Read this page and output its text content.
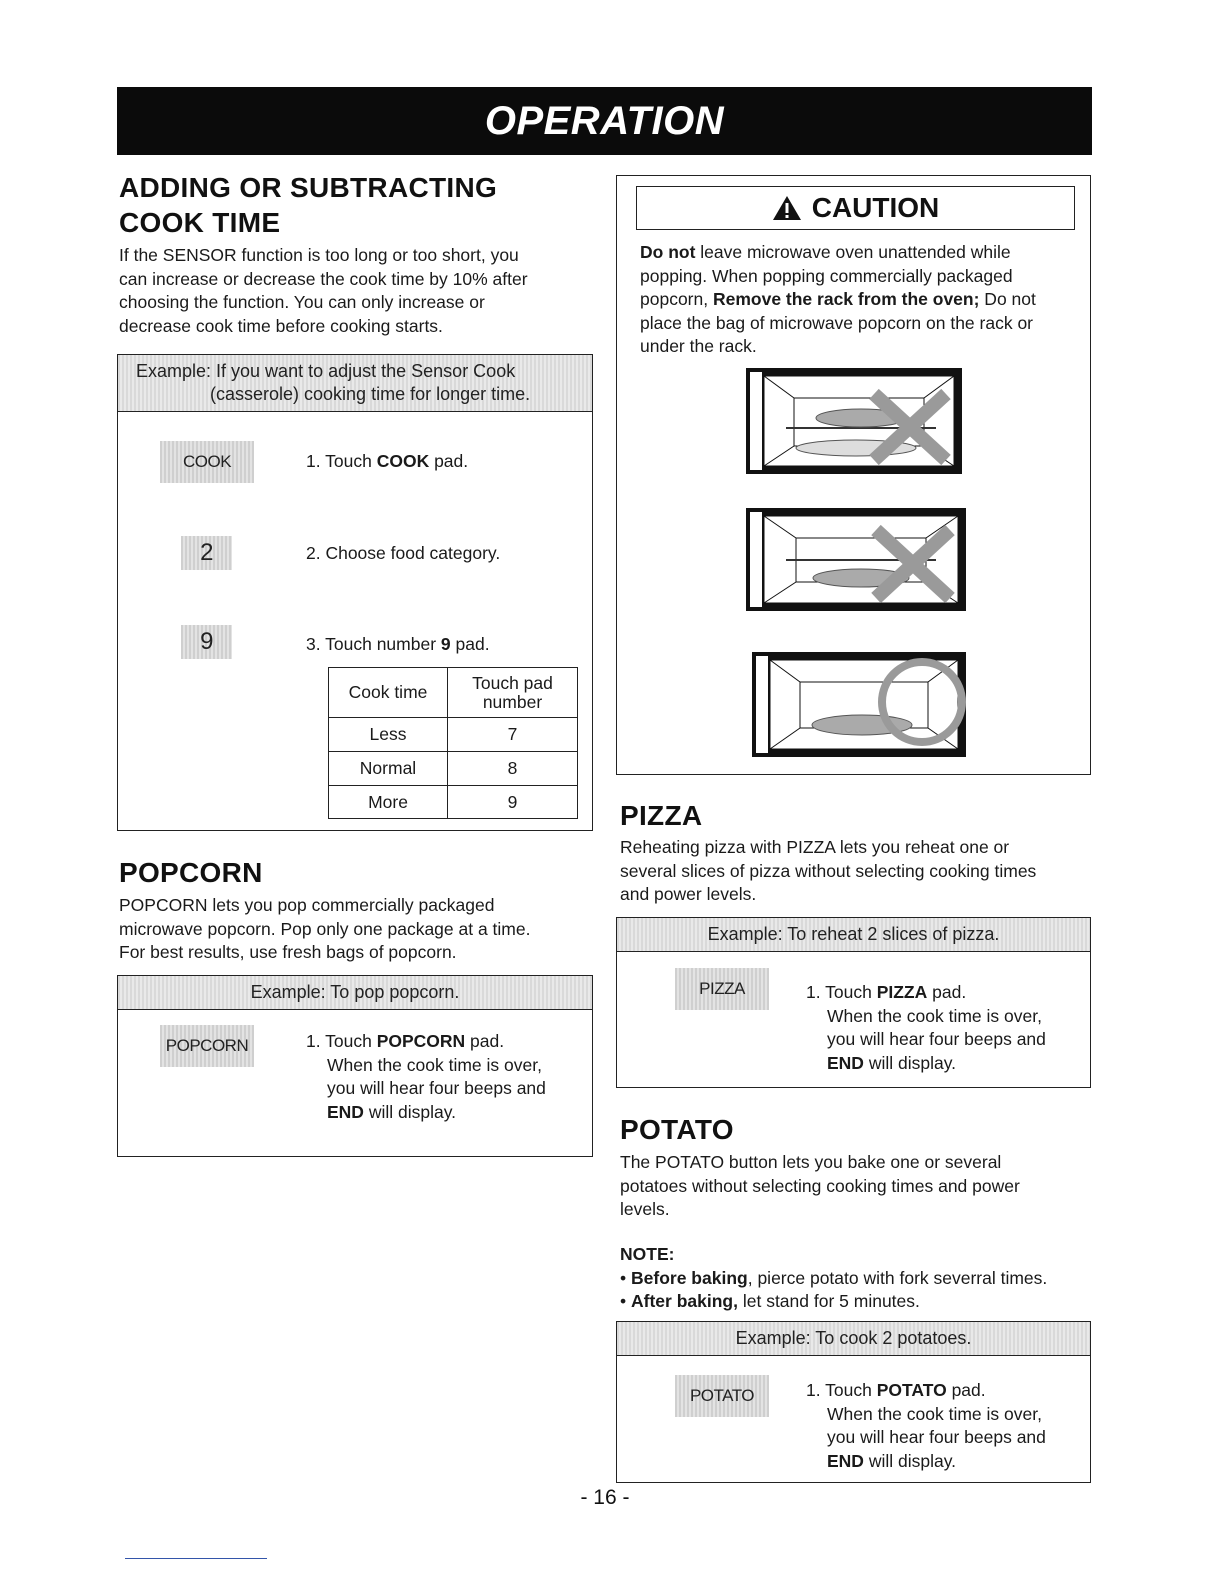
OPERATION
ADDING OR SUBTRACTING
COOK TIME
If the SENSOR function is too long or too short, you
can increase or decrease the cook time by 10% after
choosing the function. You can only increase or
decrease cook time before cooking starts.
Example: If you want to adjust the Sensor Cook
(casserole) cooking time for longer time.
COOK	1. Touch COOK pad.
2	2. Choose food category.
9	3. Touch number 9 pad.
Cook time	Touch pad
number

Less	7
Normal	8
More	9
POPCORN
POPCORN lets you pop commercially packaged
microwave popcorn. Pop only one package at a time.
For best results, use fresh bags of popcorn.
Example: To pop popcorn.
POPCORN	1. Touch POPCORN pad.
When the cook time is over,
you will hear four beeps and
END will display.
CAUTION
Do not leave microwave oven unattended while
popping. When popping commercially packaged
popcorn, Remove the rack from the oven; Do not
place the bag of microwave popcorn on the rack or
under the rack.
PIZZA
Reheating pizza with PIZZA lets you reheat one or
several slices of pizza without selecting cooking times
and power levels.
Example: To reheat 2 slices of pizza.
PIZZA	1. Touch PIZZA pad.
When the cook time is over,
you will hear four beeps and
END will display.
POTATO
The POTATO button lets you bake one or several
potatoes without selecting cooking times and power
levels.
NOTE:
• Before baking, pierce potato with fork severral times.
• After baking, let stand for 5 minutes.
Example: To cook 2 potatoes.
POTATO	1. Touch POTATO pad.
When the cook time is over,
you will hear four beeps and
END will display.
- 16 -
